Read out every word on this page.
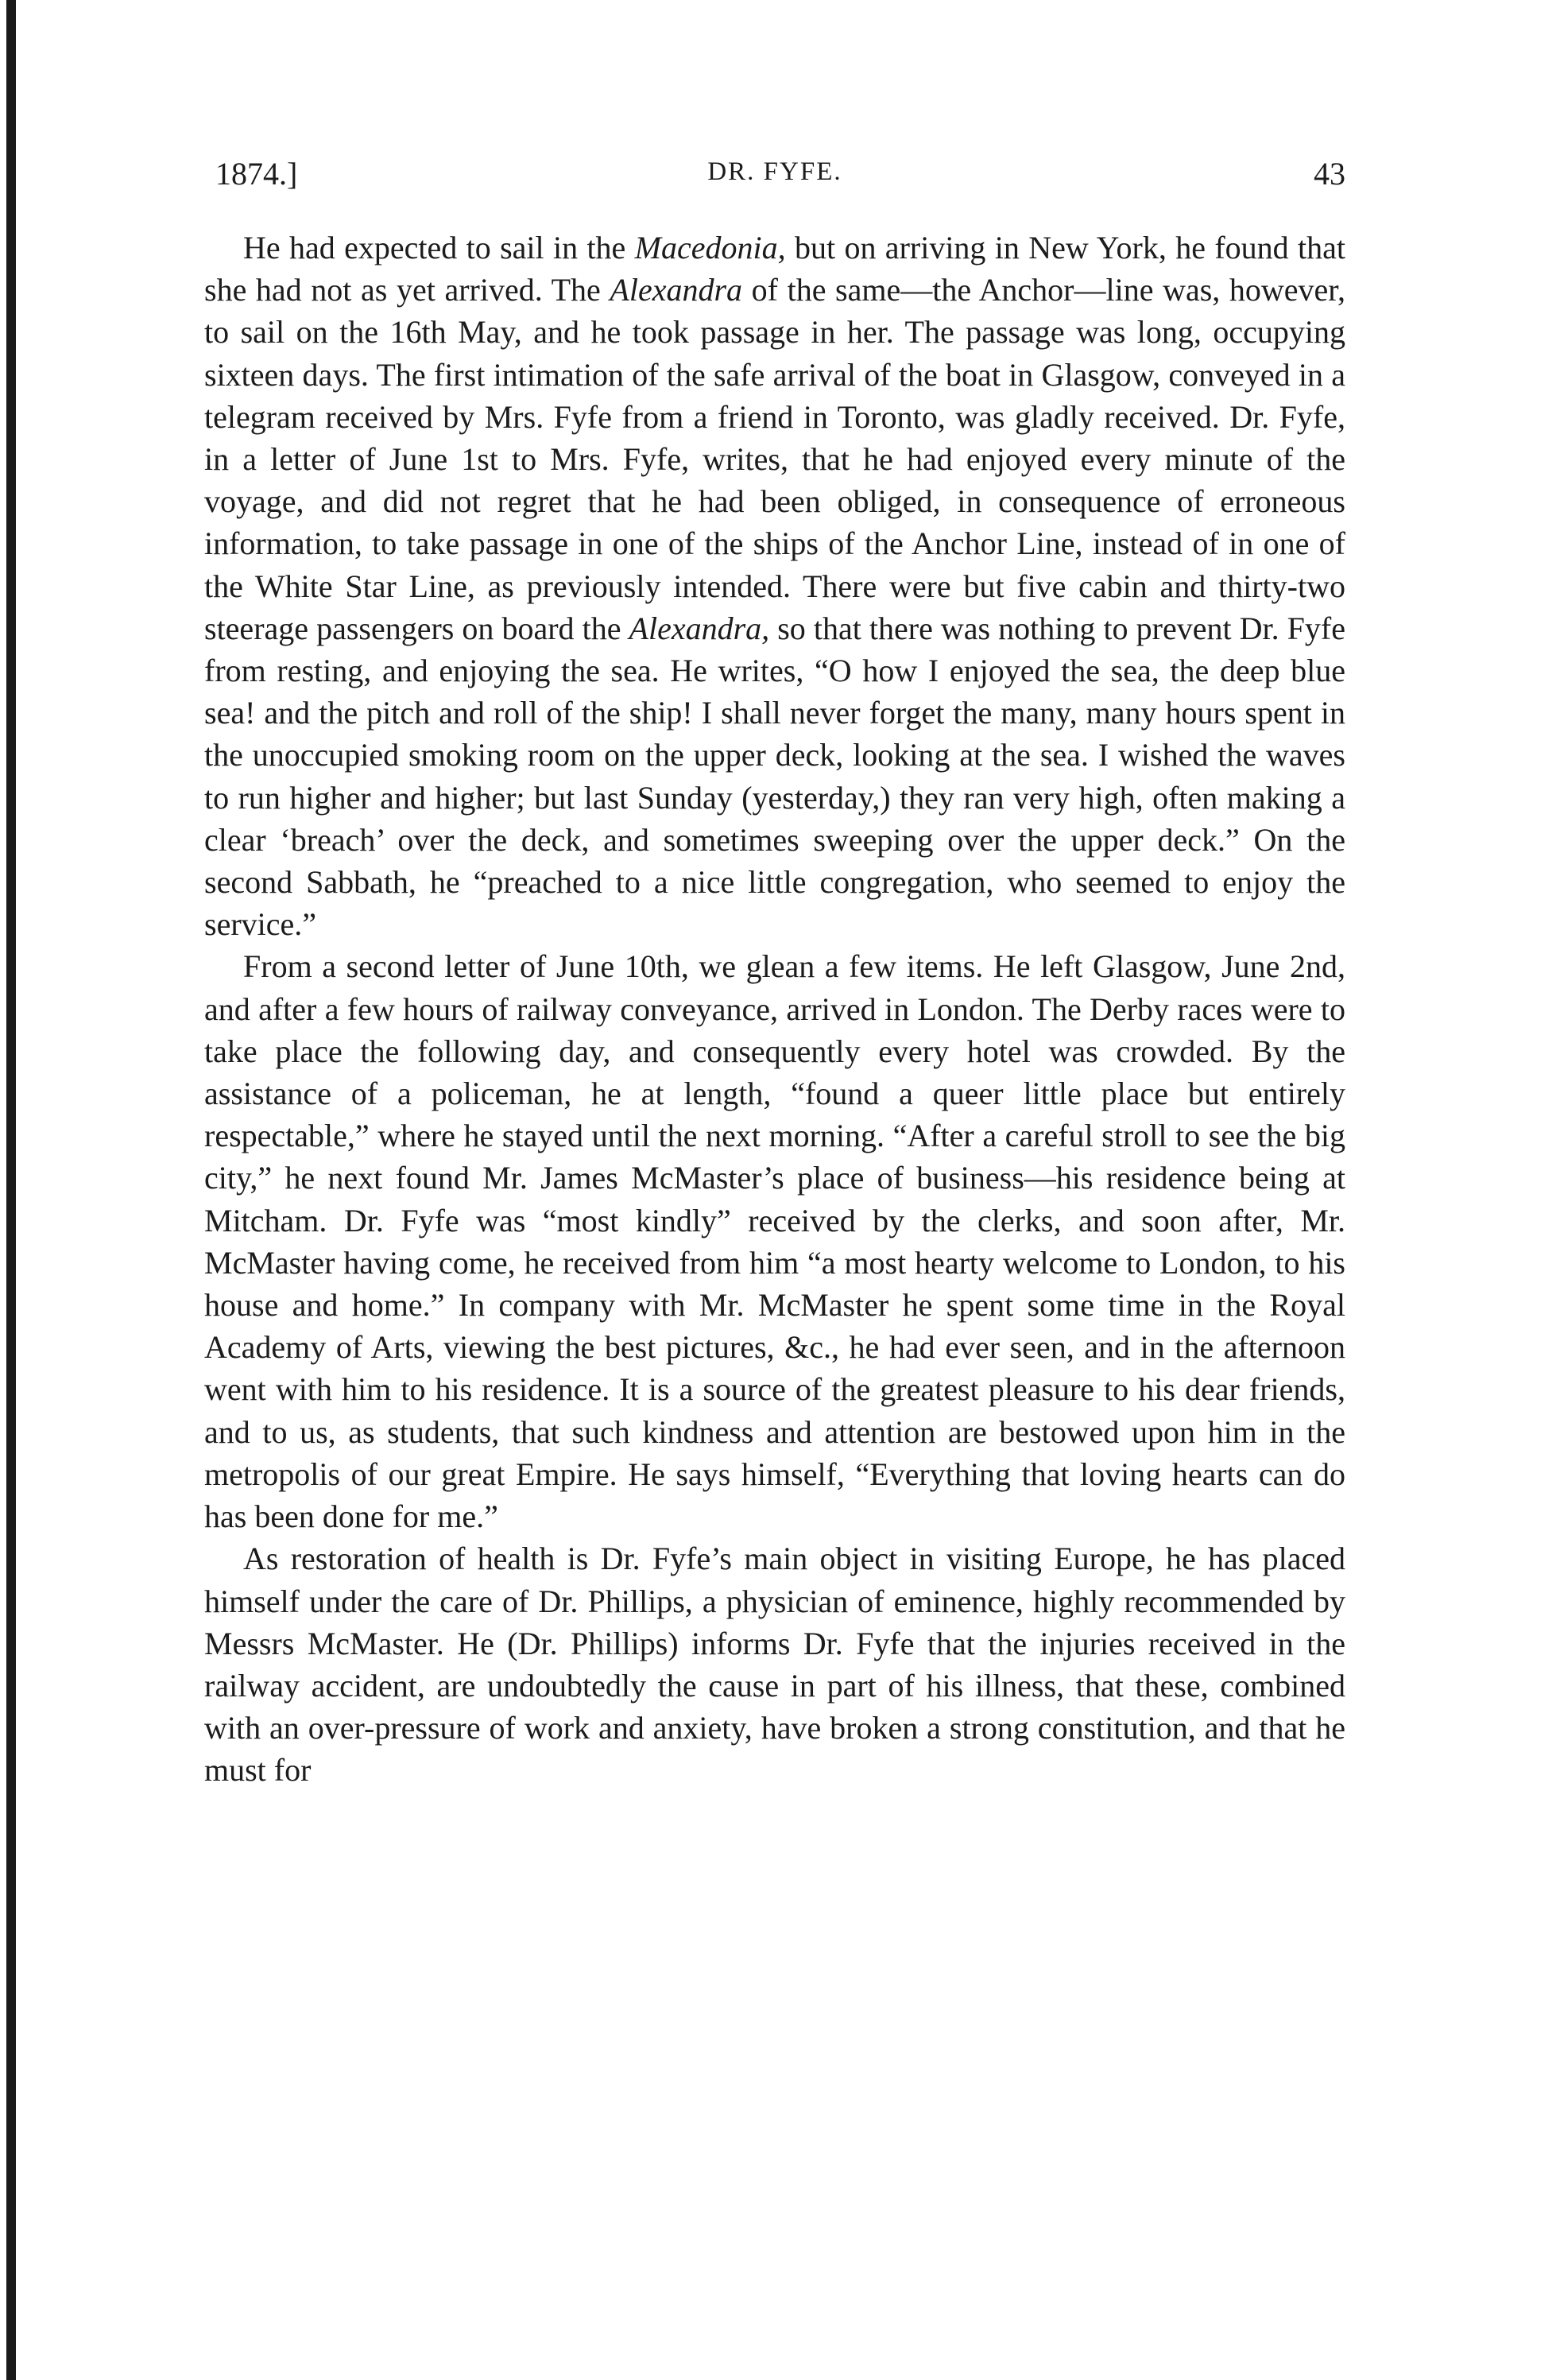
1874.]	DR. FYFE.	43

He had expected to sail in the Macedonia, but on arriving in New York, he found that she had not as yet arrived. The Alexandra of the same—the Anchor—line was, however, to sail on the 16th May, and he took passage in her. The passage was long, occupying sixteen days. The first intimation of the safe arrival of the boat in Glasgow, conveyed in a telegram received by Mrs. Fyfe from a friend in Toronto, was gladly received. Dr. Fyfe, in a letter of June 1st to Mrs. Fyfe, writes, that he had enjoyed every minute of the voyage, and did not regret that he had been obliged, in consequence of erroneous information, to take passage in one of the ships of the Anchor Line, instead of in one of the White Star Line, as previously intended. There were but five cabin and thirty-two steerage passengers on board the Alexandra, so that there was nothing to prevent Dr. Fyfe from resting, and enjoying the sea. He writes, “O how I enjoyed the sea, the deep blue sea! and the pitch and roll of the ship! I shall never forget the many, many hours spent in the unoccupied smoking room on the upper deck, looking at the sea. I wished the waves to run higher and higher; but last Sunday (yesterday,) they ran very high, often making a clear ‘breach’ over the deck, and sometimes sweeping over the upper deck.” On the second Sabbath, he “preached to a nice little congregation, who seemed to enjoy the service.”

From a second letter of June 10th, we glean a few items. He left Glasgow, June 2nd, and after a few hours of railway conveyance, arrived in London. The Derby races were to take place the following day, and consequently every hotel was crowded. By the assistance of a policeman, he at length, “found a queer little place but entirely respectable,” where he stayed until the next morning. “After a careful stroll to see the big city,” he next found Mr. James McMaster’s place of business—his residence being at Mitcham. Dr. Fyfe was “most kindly” received by the clerks, and soon after, Mr. McMaster having come, he received from him “a most hearty welcome to London, to his house and home.” In company with Mr. McMaster he spent some time in the Royal Academy of Arts, viewing the best pictures, &c., he had ever seen, and in the afternoon went with him to his residence. It is a source of the greatest pleasure to his dear friends, and to us, as students, that such kindness and attention are bestowed upon him in the metropolis of our great Empire. He says himself, “Everything that loving hearts can do has been done for me.”

As restoration of health is Dr. Fyfe’s main object in visiting Europe, he has placed himself under the care of Dr. Phillips, a physician of eminence, highly recommended by Messrs McMaster. He (Dr. Phillips) informs Dr. Fyfe that the injuries received in the railway accident, are undoubtedly the cause in part of his illness, that these, combined with an over-pressure of work and anxiety, have broken a strong constitution, and that he must for
